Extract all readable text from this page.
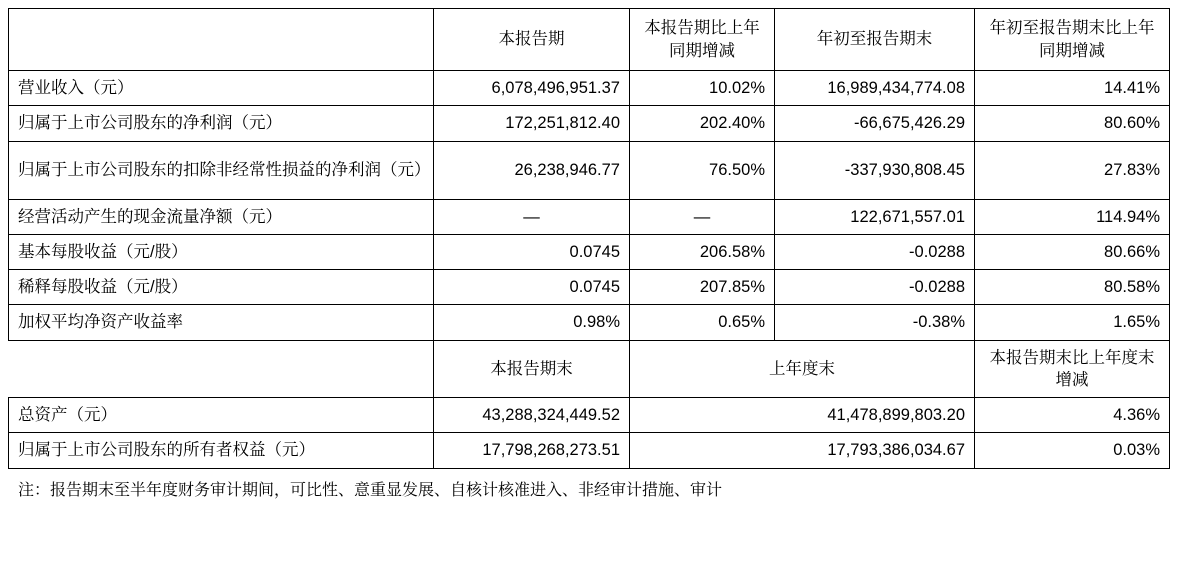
	本报告期	本报告期比上年同期增减	年初至报告期末	年初至报告期末比上年同期增减
营业收入（元）	6,078,496,951.37	10.02%	16,989,434,774.08	14.41%
归属于上市公司股东的净利润（元）	172,251,812.40	202.40%	-66,675,426.29	80.60%
归属于上市公司股东的扣除非经常性损益的净利润（元）	26,238,946.77	76.50%	-337,930,808.45	27.83%
经营活动产生的现金流量净额（元）	—	—	122,671,557.01	114.94%
基本每股收益（元/股）	0.0745	206.58%	-0.0288	80.66%
稀释每股收益（元/股）	0.0745	207.85%	-0.0288	80.58%
加权平均净资产收益率	0.98%	0.65%	-0.38%	1.65%
	本报告期末	上年度末		本报告期末比上年度末增减
总资产（元）	43,288,324,449.52	41,478,899,803.20		4.36%
归属于上市公司股东的所有者权益（元）	17,798,268,273.51	17,793,386,034.67		0.03%
注：报告期末至半年度财务审计期间，可比性、意重显发展、自核计核准进入、非经审计措施、审计
